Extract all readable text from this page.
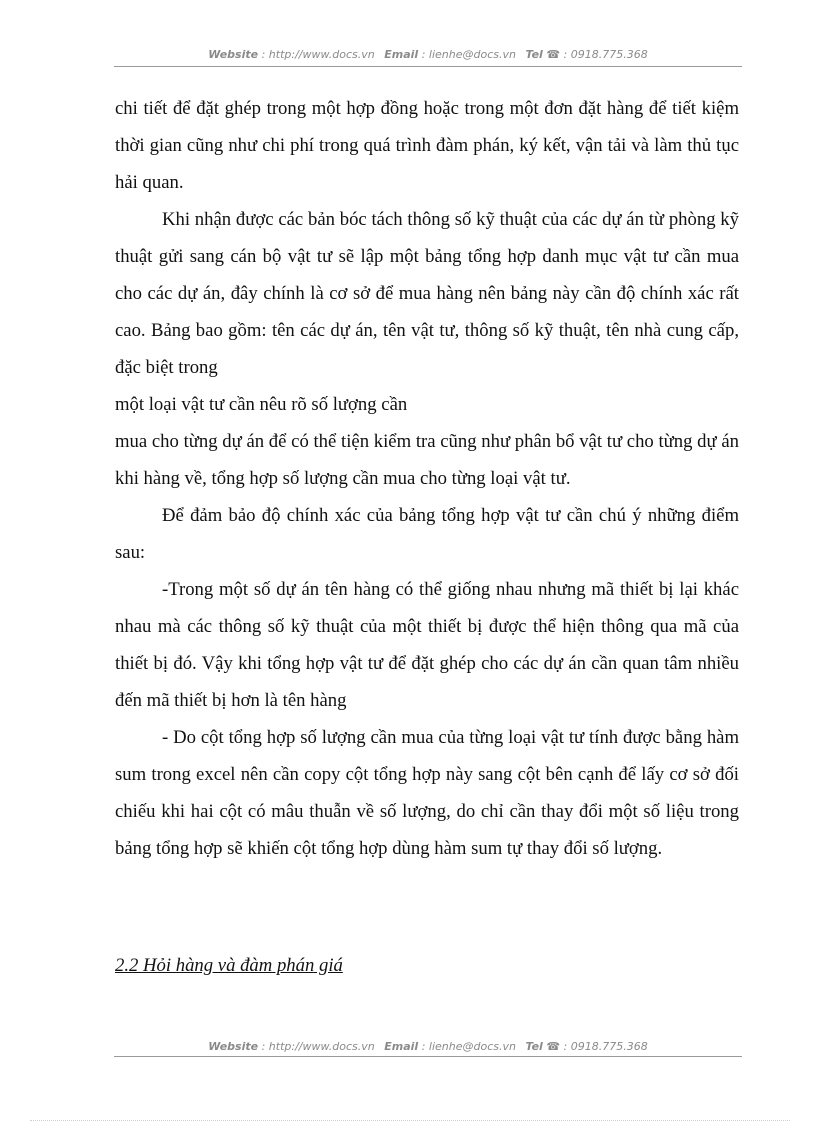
Website : http://www.docs.vn Email : lienhe@docs.vn Tel ☎ : 0918.775.368

chi tiết để đặt ghép trong một hợp đồng hoặc trong một đơn đặt hàng để tiết kiệm thời gian cũng như chi phí trong quá trình đàm phán, ký kết, vận tải và làm thủ tục hải quan.

Khi nhận được các bản bóc tách thông số kỹ thuật của các dự án từ phòng kỹ thuật gửi sang cán bộ vật tư sẽ lập một bảng tổng hợp danh mục vật tư cần mua cho các dự án, đây chính là cơ sở để mua hàng nên bảng này cần độ chính xác rất cao. Bảng bao gồm: tên các dự án, tên vật tư, thông số kỹ thuật, tên nhà cung cấp, đặc biệt trong

một loại vật tư cần nêu rõ số lượng cần

mua cho từng dự án để có thể tiện kiểm tra cũng như phân bổ vật tư cho từng dự án khi hàng về, tổng hợp số lượng cần mua cho từng loại vật tư.

Để đảm bảo độ chính xác của bảng tổng hợp vật tư cần chú ý những điểm sau:

-Trong một số dự án tên hàng có thể giống nhau nhưng mã thiết bị lại khác nhau mà các thông số kỹ thuật của một thiết bị được thể hiện thông qua mã của thiết bị đó. Vậy khi tổng hợp vật tư để đặt ghép cho các dự án cần quan tâm nhiều đến mã thiết bị hơn là tên hàng

- Do cột tổng hợp số lượng cần mua của từng loại vật tư tính được bằng hàm sum trong excel nên cần copy cột tổng hợp này sang cột bên cạnh để lấy cơ sở đối chiếu khi hai cột có mâu thuẫn về số lượng, do chỉ cần thay đổi một số liệu trong bảng tổng hợp sẽ khiến cột tổng hợp dùng hàm sum tự thay đổi số lượng.

2.2 Hỏi hàng và đàm phán giá
Website : http://www.docs.vn Email : lienhe@docs.vn Tel ☎ : 0918.775.368
